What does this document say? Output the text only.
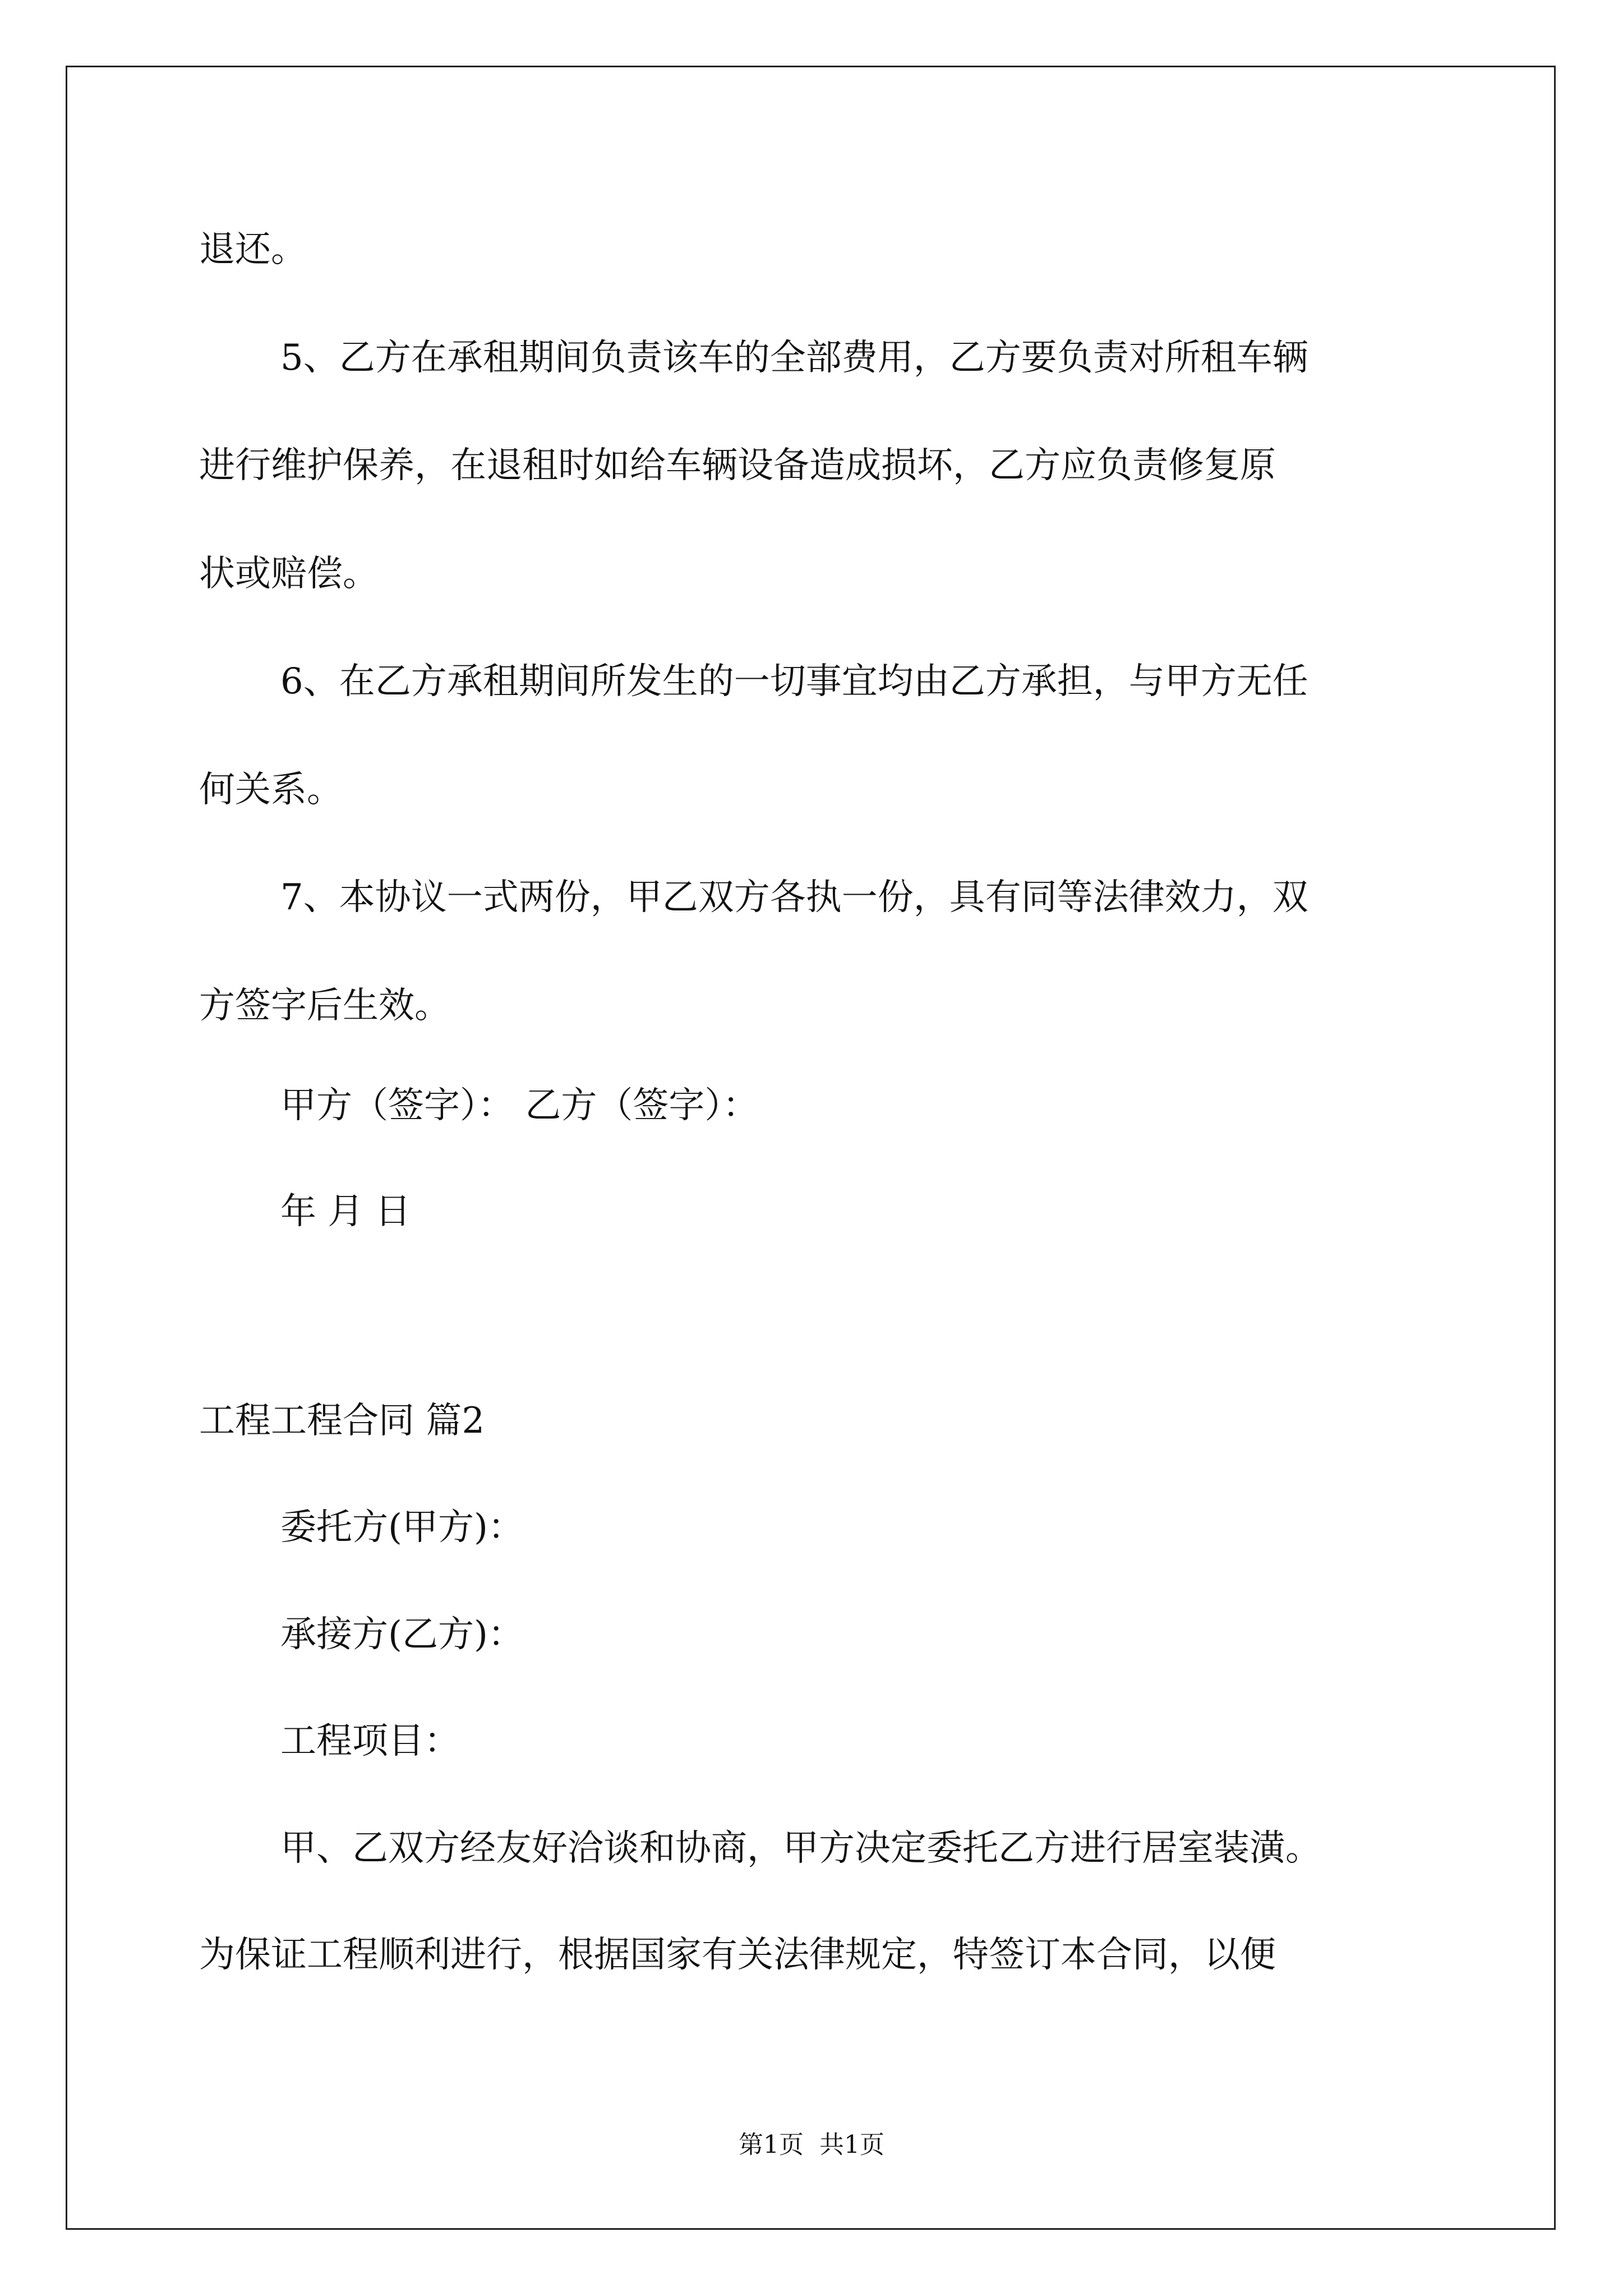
退还。
5、乙方在承租期间负责该车的全部费用，乙方要负责对所租车辆
进行维护保养，在退租时如给车辆设备造成损坏，乙方应负责修复原
状或赔偿。
6、在乙方承租期间所发生的一切事宜均由乙方承担，与甲方无任
何关系。
7、本协议一式两份，甲乙双方各执一份，具有同等法律效力，双
方签字后生效。
甲方（签字）： 乙方（签字）：
年 月 日
工程工程合同 篇2
委托方(甲方)：
承接方(乙方)：
工程项目：
甲、乙双方经友好洽谈和协商，甲方决定委托乙方进行居室装潢。
为保证工程顺利进行，根据国家有关法律规定，特签订本合同，以便
第1页  共1页
